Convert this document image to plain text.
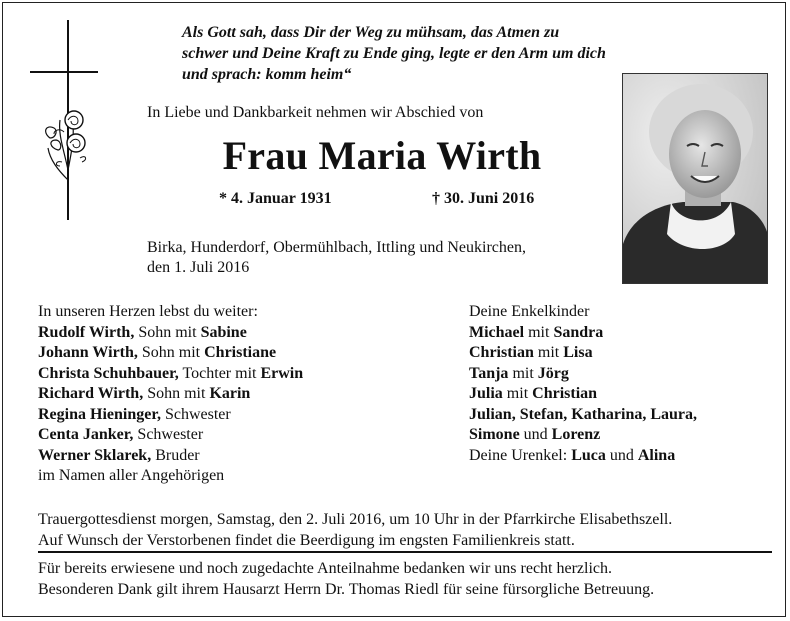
Als Gott sah, dass Dir der Weg zu mühsam, das Atmen zu
schwer und Deine Kraft zu Ende ging, legte er den Arm um dich
und sprach: komm heim“
In Liebe und Dankbarkeit nehmen wir Abschied von
Frau Maria Wirth
* 4. Januar 1931	† 30. Juni 2016
Birka, Hunderdorf, Obermühlbach, Ittling und Neukirchen,
den 1. Juli 2016
In unseren Herzen lebst du weiter:
Rudolf Wirth, Sohn mit Sabine
Johann Wirth, Sohn mit Christiane
Christa Schuhbauer, Tochter mit Erwin
Richard Wirth, Sohn mit Karin
Regina Hieninger, Schwester
Centa Janker, Schwester
Werner Sklarek, Bruder
im Namen aller Angehörigen
Deine Enkelkinder
Michael mit Sandra
Christian mit Lisa
Tanja mit Jörg
Julia mit Christian
Julian, Stefan, Katharina, Laura,
Simone und Lorenz
Deine Urenkel: Luca und Alina
Trauergottesdienst morgen, Samstag, den 2. Juli 2016, um 10 Uhr in der Pfarrkirche Elisabethszell.
Auf Wunsch der Verstorbenen findet die Beerdigung im engsten Familienkreis statt.
Für bereits erwiesene und noch zugedachte Anteilnahme bedanken wir uns recht herzlich.
Besonderen Dank gilt ihrem Hausarzt Herrn Dr. Thomas Riedl für seine fürsorgliche Betreuung.
